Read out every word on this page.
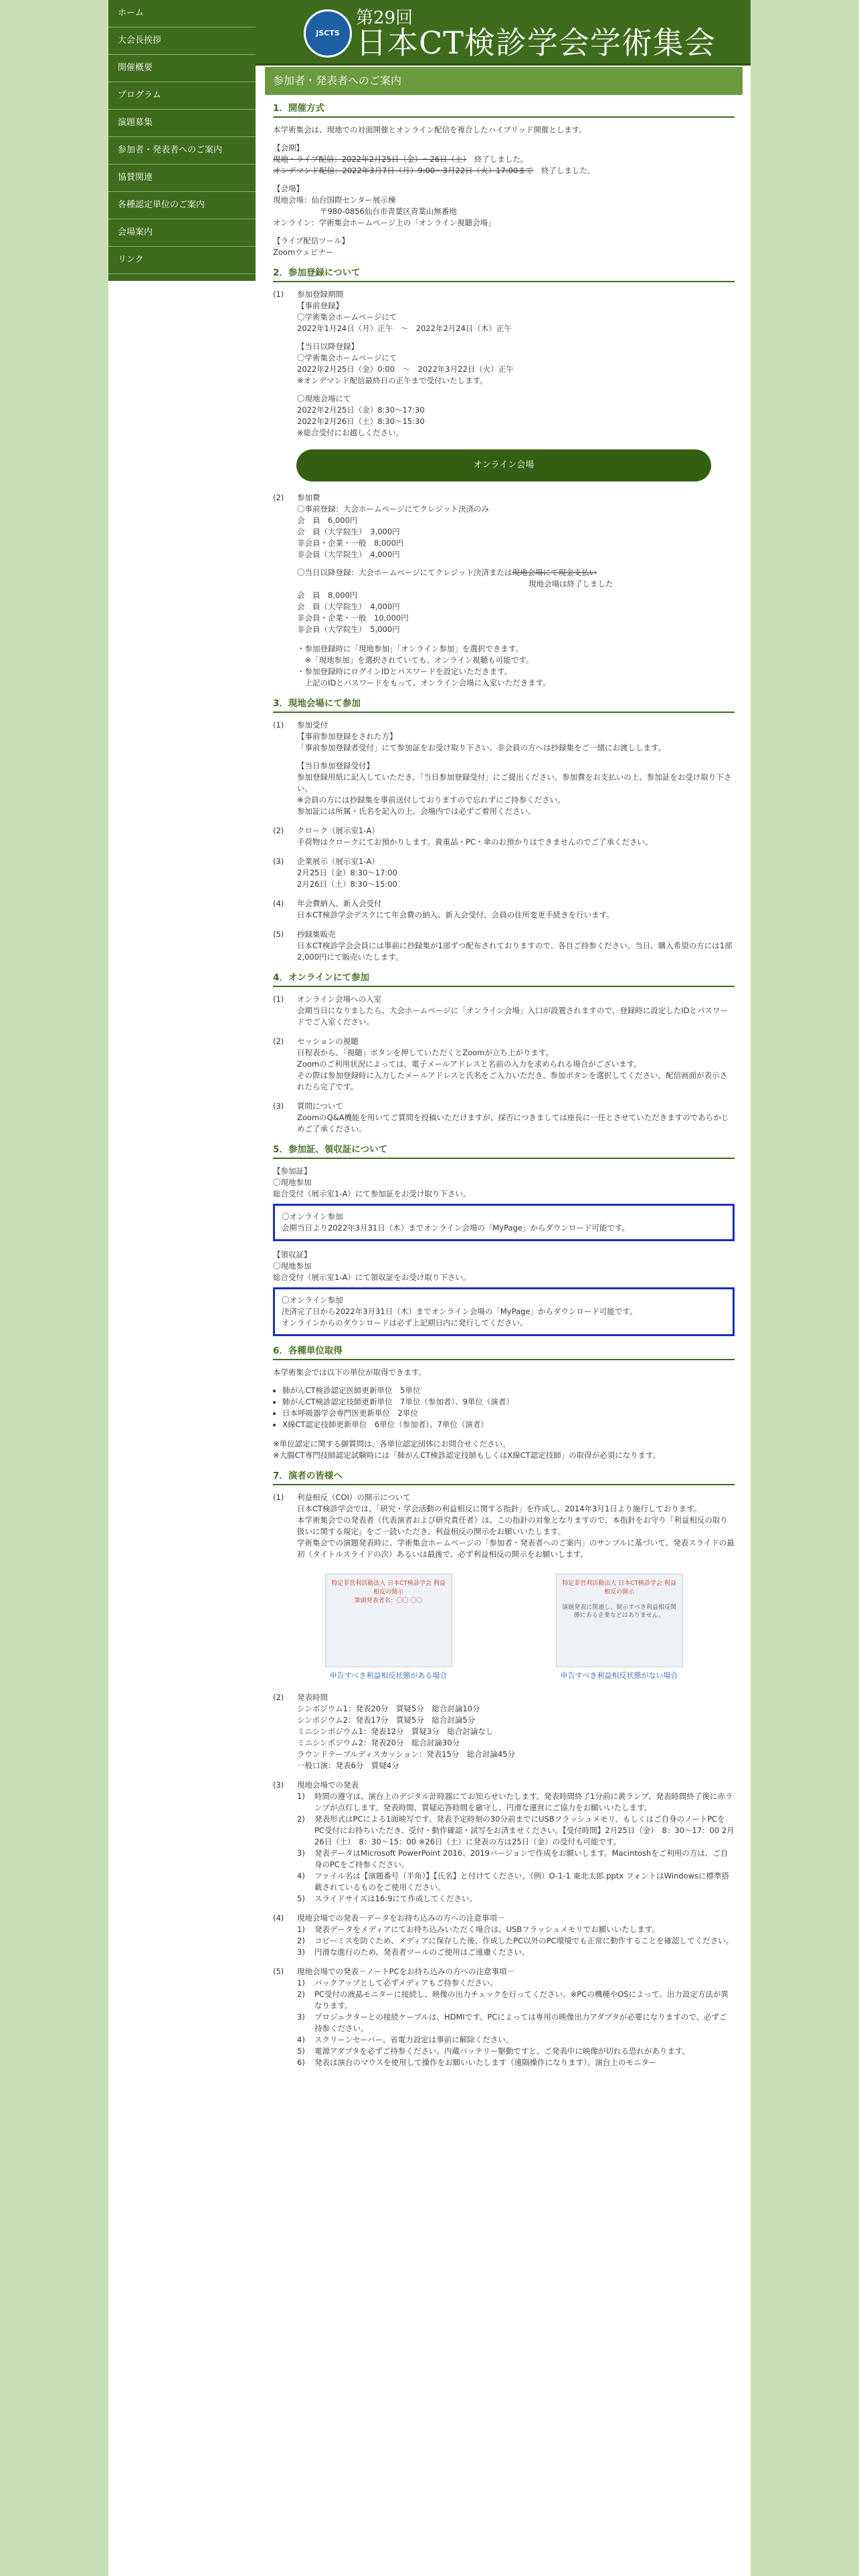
ホーム
大会長挨拶
開催概要
プログラム
演題募集
参加者・発表者へのご案内
協賛関連
各種認定単位のご案内
会場案内
リンク
JSCTS
第29回
日本CT検診学会学術集会
参加者・発表者へのご案内
1．開催方式

本学術集会は、現地での対面開催とオンライン配信を複合したハイブリッド開催とします。

【会期】

現地・ライブ配信：2022年2月25日（金）～26日（土）　終了しました。

オンデマンド配信：2022年3月7日（月）9:00～3月22日（火）17:00まで　終了しました。

【会場】

現地会場：仙台国際センター展示棟

〒980-0856仙台市青葉区青葉山無番地

オンライン：学術集会ホームページ上の「オンライン視聴会場」

【ライブ配信ツール】

Zoomウェビナー

2．参加登録について
(1)	参加登録期間

【事前登録】

〇学術集会ホームページにて

2022年1月24日（月）正午　～　2022年2月24日（木）正午

【当日以降登録】

〇学術集会ホームページにて

2022年2月25日（金）0:00　～　2022年3月22日（火）正午

※オンデマンド配信最終日の正午まで受付いたします。

〇現地会場にて

2022年2月25日（金）8:30～17:30

2022年2月26日（土）8:30～15:30

※総合受付にお越しください。

オンライン会場
(2)	参加費

〇事前登録：大会ホームページにてクレジット決済のみ

会　員　6,000円

会　員（大学院生）　3,000円

非会員・企業・一般　8,000円

非会員（大学院生）　4,000円

〇当日以降登録：大会ホームページにてクレジット決済または現地会場にて現金支払い

現地会場は終了しました

会　員　8,000円

会　員（大学院生）　4,000円

非会員・企業・一般　10,000円

非会員（大学院生）　5,000円

・参加登録時に「現地参加」「オンライン参加」を選択できます。

　※「現地参加」を選択されていても、オンライン視聴も可能です。

・参加登録時にログインIDとパスワードを設定いただきます。

　上記のIDとパスワードをもって、オンライン会場に入室いただきます。

3．現地会場にて参加
(1)	参加受付

【事前参加登録をされた方】

「事前参加登録者受付」にて参加証をお受け取り下さい。非会員の方へは抄録集をご一緒にお渡しします。

【当日参加登録受付】

参加登録用紙に記入していただき、「当日参加登録受付」にご提出ください。参加費をお支払いの上、参加証をお受け取り下さい。

※会員の方には抄録集を事前送付しておりますので忘れずにご持参ください。

参加証には所属・氏名を記入の上、会場内では必ずご着用ください。

(2)	クローク（展示室1-A）

手荷物はクロークにてお預かりします。貴重品・PC・傘のお預かりはできませんのでご了承ください。

(3)	企業展示（展示室1-A）

2月25日（金）8:30～17:00

2月26日（土）8:30～15:00

(4)	年会費納入、新入会受付

日本CT検診学会デスクにて年会費の納入、新入会受付、会員の住所変更手続きを行います。

(5)	抄録集販売

日本CT検診学会会員には事前に抄録集が1部ずつ配布されておりますので、各自ご持参ください。当日、購入希望の方には1部2,000円にて販売いたします。

4．オンラインにて参加
(1)	オンライン会場への入室

会期当日になりましたら、大会ホームページに「オンライン会場」入口が設置されますので、登録時に設定したIDとパスワードでご入室ください。

(2)	セッションの視聴

日程表から、「視聴」ボタンを押していただくとZoomが立ち上がります。

Zoomのご利用状況によっては、電子メールアドレスと名前の入力を求められる場合がございます。

その際は参加登録時に入力したメールアドレスと氏名をご入力いただき、参加ボタンを選択してください。配信画面が表示されたら完了です。

(3)	質問について

ZoomのQ&A機能を用いてご質問を投稿いただけますが、採否につきましては座長に一任とさせていただきますのであらかじめご了承ください。

5．参加証、領収証について

【参加証】

〇現地参加

総合受付（展示室1-A）にて参加証をお受け取り下さい。

〇オンライン参加

会期当日より2022年3月31日（木）までオンライン会場の「MyPage」からダウンロード可能です。

【領収証】

〇現地参加

総合受付（展示室1-A）にて領収証をお受け取り下さい。

〇オンライン参加

決済完了日から2022年3月31日（木）までオンライン会場の「MyPage」からダウンロード可能です。

オンラインからのダウンロードは必ず上記期日内に発行してください。

6．各種単位取得

本学術集会では以下の単位が取得できます。

• 肺がんCT検診認定医師更新単位　5単位
• 肺がんCT検診認定技師更新単位　7単位（参加者）、9単位（演者）
• 日本呼吸器学会専門医更新単位　2単位
• X線CT認定技師更新単位　6単位（参加者）、7単位（演者）

※単位認定に関する御質問は、各単位認定団体にお問合せください。

※大腸CT専門技師認定試験時には「肺がんCT検診認定技師もしくはX線CT認定技師」の取得が必須になります。

7．演者の皆様へ
(1)	利益相反（COI）の開示について

日本CT検診学会では、「研究・学会活動の利益相反に関する指針」を作成し、2014年3月1日より施行しております。

本学術集会での発表者（代表演者および研究責任者）は、この指針の対象となりますので、本指針をお守り「利益相反の取り扱いに関する規定」をご一読いただき、利益相反の開示をお願いいたします。

学術集会での演題発表時に、学術集会ホームページの「参加者・発表者へのご案内」のサンプルに基づいて、発表スライドの最初（タイトルスライドの次）あるいは最後で、必ず利益相反の開示をお願いします。

特定非営利活動法人 日本CT検診学会 利益相反の開示
筆頭発表者名：〇〇 〇〇
申告すべき利益相反状態がある場合
特定非営利活動法人 日本CT検診学会 利益相反の開示
演題発表に関連し、開示すべき利益相反関係にある企業などはありません。
申告すべき利益相反状態がない場合
(2)	発表時間

シンポジウム1：発表20分　質疑5分　総合討論10分

シンポジウム2：発表17分　質疑5分　総合討論5分

ミニシンポジウム1：発表12分　質疑3分　総合討論なし

ミニシンポジウム2：発表20分　総合討論30分

ラウンドテーブルディスカッション：発表15分　総合討論45分

一般口演：発表6分　質疑4分

(3)	現地会場での発表

1)	時間の遵守は、演台上のデジタル計時器にてお知らせいたします。発表時間終了1分前に黄ランプ、発表時間終了後に赤ランプが点灯します。発表時間、質疑応答時間を厳守し、円滑な運営にご協力をお願いいたします。
2)	発表形式はPCによる1面映写です。発表予定時刻の30分前までにUSBフラッシュメモリ、もしくはご自身のノートPCをPC受付にお持ちいただき、受付・動作確認・試写をお済ませください。【受付時間】2月25日（金）　8：30～17：00 2月26日（土）　8：30～15：00 ※26日（土）に発表の方は25日（金）の受付も可能です。
3)	発表データはMicrosoft PowerPoint 2016、2019バージョンで作成をお願いします。Macintoshをご利用の方は、ご自身のPCをご持参ください。
4)	ファイル名は【演題番号（半角）】【氏名】と付けてください。（例）O-1-1 東北太郎.pptx フォントはWindowsに標準搭載されているものをご使用ください。
5)	スライドサイズは16:9にて作成してください。
(4)	現地会場での発表－データをお持ち込みの方への注意事項－

1)	発表データをメディアにてお持ち込みいただく場合は、USBフラッシュメモリでお願いいたします。
2)	コピーミスを防ぐため、メディアに保存した後、作成したPC以外のPC環境でも正常に動作することを確認してください。
3)	円滑な進行のため、発表者ツールのご使用はご遠慮ください。
(5)	現地会場での発表－ノートPCをお持ち込みの方への注意事項－

1)	バックアップとして必ずメディアもご持参ください。
2)	PC受付の液晶モニターに接続し、映像の出力チェックを行ってください。※PCの機種やOSによって、出力設定方法が異なります。
3)	プロジェクターとの接続ケーブルは、HDMIです。PCによっては専用の映像出力アダプタが必要になりますので、必ずご持参ください。
4)	スクリーンセーバー、省電力設定は事前に解除ください。
5)	電源アダプタを必ずご持参ください。内蔵バッテリー駆動ですと、ご発表中に映像が切れる恐れがあります。
6)	発表は演台のマウスを使用して操作をお願いいたします（遠隔操作になります）。演台上のモニター
